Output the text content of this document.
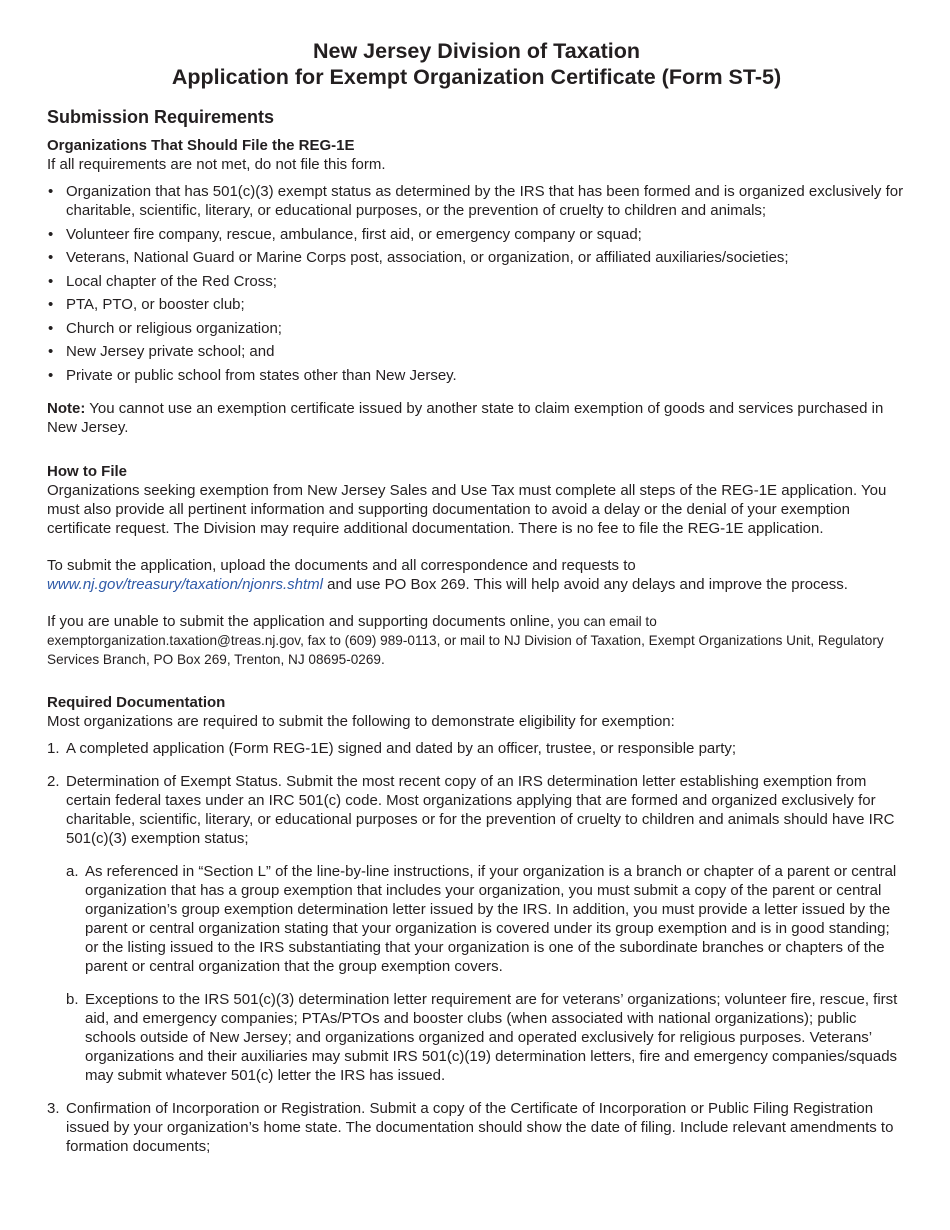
New Jersey Division of Taxation
Application for Exempt Organization Certificate (Form ST-5)
Submission Requirements
Organizations That Should File the REG-1E

If all requirements are not met, do not file this form.

• Organization that has 501(c)(3) exempt status as determined by the IRS that has been formed and is organized exclusively for charitable, scientific, literary, or educational purposes, or the prevention of cruelty to children and animals;
• Volunteer fire company, rescue, ambulance, first aid, or emergency company or squad;
• Veterans, National Guard or Marine Corps post, association, or organization, or affiliated auxiliaries/societies;
• Local chapter of the Red Cross;
• PTA, PTO, or booster club;
• Church or religious organization;
• New Jersey private school; and
• Private or public school from states other than New Jersey.

Note: You cannot use an exemption certificate issued by another state to claim exemption of goods and services purchased in New Jersey.

How to File

Organizations seeking exemption from New Jersey Sales and Use Tax must complete all steps of the REG-1E application. You must also provide all pertinent information and supporting documentation to avoid a delay or the denial of your exemption certificate request. The Division may require additional documentation. There is no fee to file the REG-1E application.

To submit the application, upload the documents and all correspondence and requests to www.nj.gov/treasury/taxation/njonrs.shtml and use PO Box 269. This will help avoid any delays and improve the process.

If you are unable to submit the application and supporting documents online, you can email to exemptorganization.taxation@treas.nj.gov, fax to (609) 989-0113, or mail to NJ Division of Taxation, Exempt Organizations Unit, Regulatory Services Branch, PO Box 269, Trenton, NJ 08695-0269.

Required Documentation

Most organizations are required to submit the following to demonstrate eligibility for exemption:

1. A completed application (Form REG-1E) signed and dated by an officer, trustee, or responsible party;
2. Determination of Exempt Status. Submit the most recent copy of an IRS determination letter establishing exemption from certain federal taxes under an IRC 501(c) code. Most organizations applying that are formed and organized exclusively for charitable, scientific, literary, or educational purposes or for the prevention of cruelty to children and animals should have IRC 501(c)(3) exemption status;
a. As referenced in “Section L” of the line-by-line instructions, if your organization is a branch or chapter of a parent or central organization that has a group exemption that includes your organization, you must submit a copy of the parent or central organization’s group exemption determination letter issued by the IRS. In addition, you must provide a letter issued by the parent or central organization stating that your organization is covered under its group exemption and is in good standing; or the listing issued to the IRS substantiating that your organization is one of the subordinate branches or chapters of the parent or central organization that the group exemption covers.
b. Exceptions to the IRS 501(c)(3) determination letter requirement are for veterans’ organizations; volunteer fire, rescue, first aid, and emergency companies; PTAs/PTOs and booster clubs (when associated with national organizations); public schools outside of New Jersey; and organizations organized and operated exclusively for religious purposes. Veterans’ organizations and their auxiliaries may submit IRS 501(c)(19) determination letters, fire and emergency companies/squads may submit whatever 501(c) letter the IRS has issued.
3. Confirmation of Incorporation or Registration. Submit a copy of the Certificate of Incorporation or Public Filing Registration issued by your organization’s home state. The documentation should show the date of filing. Include relevant amendments to formation documents;
